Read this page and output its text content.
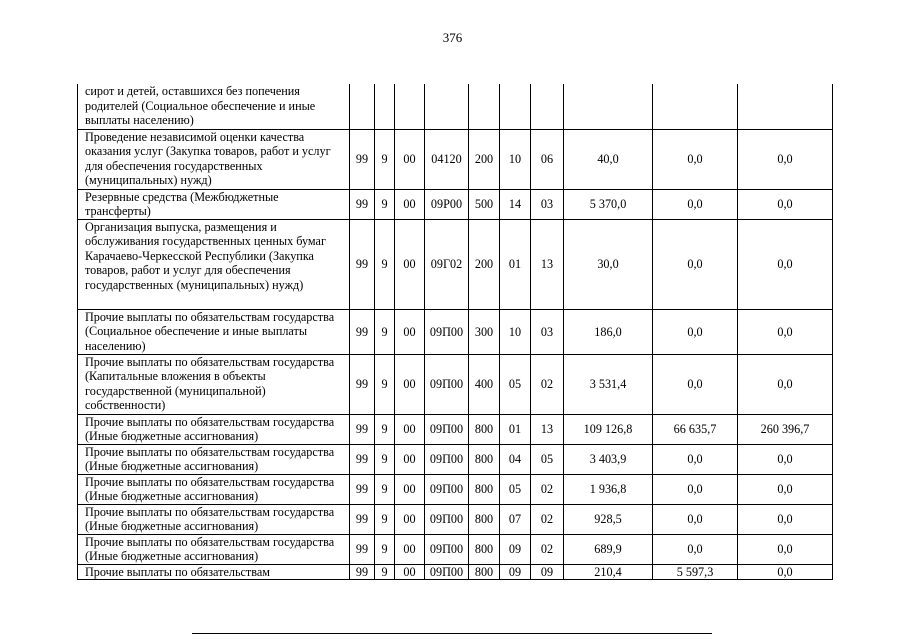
376
сирот и детей, оставшихся без попечения родителей (Социальное обеспечение и иные выплаты населению)										
Проведение независимой оценки качества оказания услуг (Закупка товаров, работ и услуг для обеспечения государственных (муниципальных) нужд)	99	9	00	04120	200	10	06	40,0	0,0	0,0
Резервные средства (Межбюджетные трансферты)	99	9	00	09Р00	500	14	03	5 370,0	0,0	0,0
Организация выпуска, размещения и обслуживания государственных ценных бумаг Карачаево-Черкесской Республики (Закупка товаров, работ и услуг для обеспечения государственных (муниципальных) нужд)	99	9	00	09Г02	200	01	13	30,0	0,0	0,0
Прочие выплаты по обязательствам государства (Социальное обеспечение и иные выплаты населению)	99	9	00	09П00	300	10	03	186,0	0,0	0,0
Прочие выплаты по обязательствам государства (Капитальные вложения в объекты государственной (муниципальной) собственности)	99	9	00	09П00	400	05	02	3 531,4	0,0	0,0
Прочие выплаты по обязательствам государства (Иные бюджетные ассигнования)	99	9	00	09П00	800	01	13	109 126,8	66 635,7	260 396,7
Прочие выплаты по обязательствам государства (Иные бюджетные ассигнования)	99	9	00	09П00	800	04	05	3 403,9	0,0	0,0
Прочие выплаты по обязательствам государства (Иные бюджетные ассигнования)	99	9	00	09П00	800	05	02	1 936,8	0,0	0,0
Прочие выплаты по обязательствам государства (Иные бюджетные ассигнования)	99	9	00	09П00	800	07	02	928,5	0,0	0,0
Прочие выплаты по обязательствам государства (Иные бюджетные ассигнования)	99	9	00	09П00	800	09	02	689,9	0,0	0,0
Прочие выплаты по обязательствам	99	9	00	09П00	800	09	09	210,4	5 597,3	0,0
